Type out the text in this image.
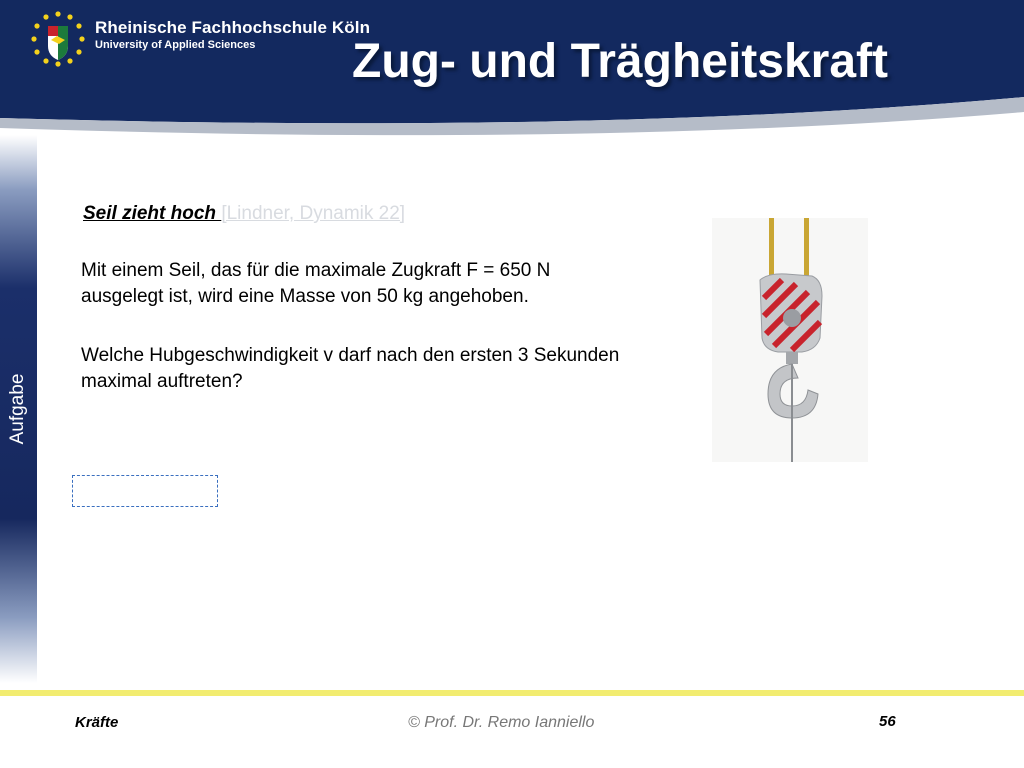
Rheinische Fachhochschule Köln
University of Applied Sciences Zug- und Trägheitskraft
Aufgabe
Seil zieht hoch [Lindner, Dynamik 22]
Mit einem Seil, das für die maximale Zugkraft F = 650 N ausgelegt ist, wird eine Masse von 50 kg angehoben.
Welche Hubgeschwindigkeit v darf nach den ersten 3 Sekunden maximal auftreten?
Kräfte	© Prof. Dr. Remo Ianniello	56
